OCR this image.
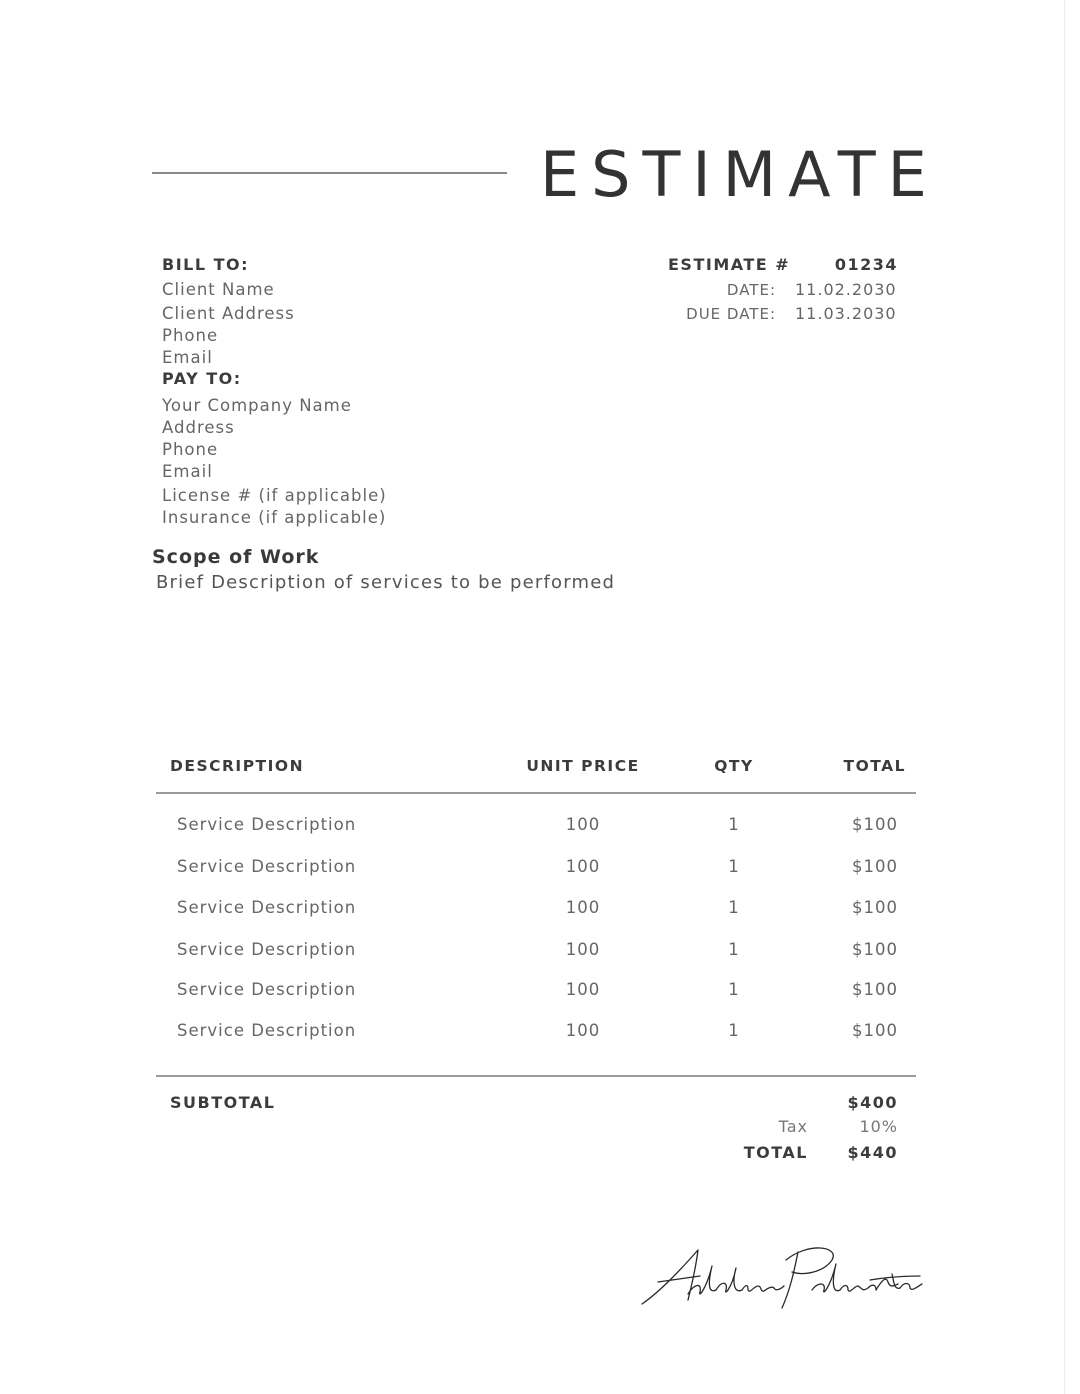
ESTIMATE
BILL TO:
Client Name
Client Address
Phone
Email
PAY TO:
Your Company Name
Address
Phone
Email
License # (if applicable)
Insurance (if applicable)
ESTIMATE #	01234
DATE: 11.02.2030
DUE DATE: 11.03.2030
Scope of Work
Brief Description of services to be performed
DESCRIPTION	UNIT PRICE	QTY	TOTAL
Service Description	100	1	$100
Service Description	100	1	$100
Service Description	100	1	$100
Service Description	100	1	$100
Service Description	100	1	$100
Service Description	100	1	$100
SUBTOTAL	$400
Tax	10%
TOTAL $440
